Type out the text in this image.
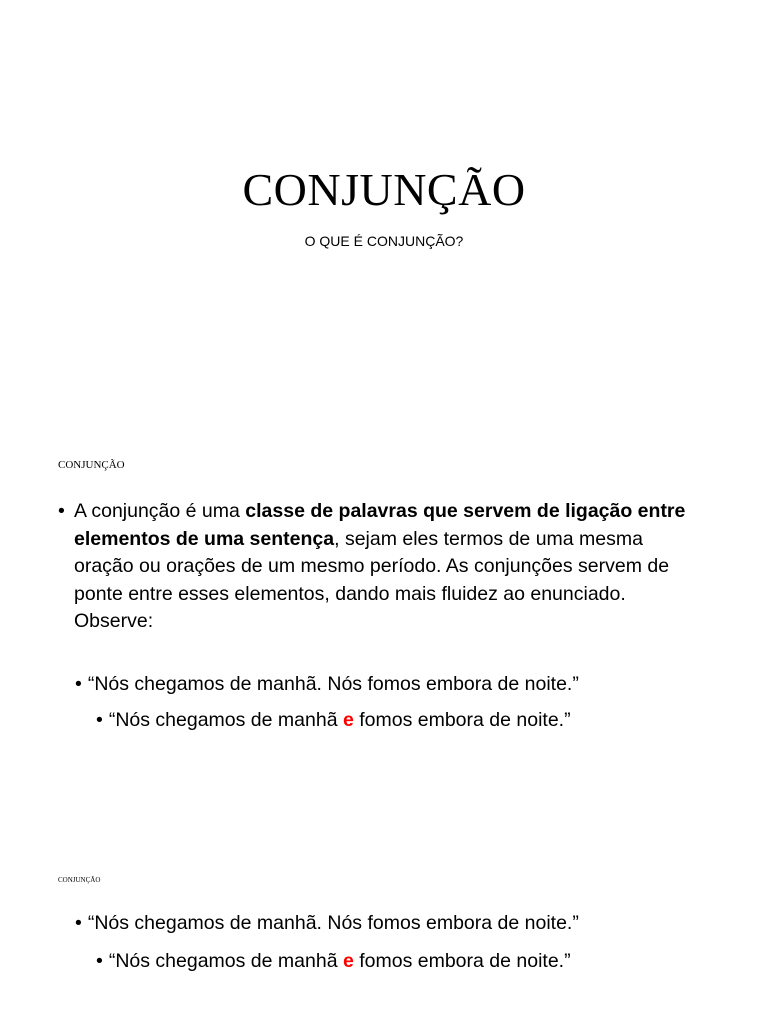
CONJUNÇÃO
O QUE É CONJUNÇÃO?
CONJUNÇÃO
• A conjunção é uma classe de palavras que servem de ligação entre elementos de uma sentença, sejam eles termos de uma mesma oração ou orações de um mesmo período. As conjunções servem de ponte entre esses elementos, dando mais fluidez ao enunciado. Observe:
• “Nós chegamos de manhã. Nós fomos embora de noite.”
• “Nós chegamos de manhã e fomos embora de noite.”
CONJUNÇÃO
• “Nós chegamos de manhã. Nós fomos embora de noite.”
• “Nós chegamos de manhã e fomos embora de noite.”
